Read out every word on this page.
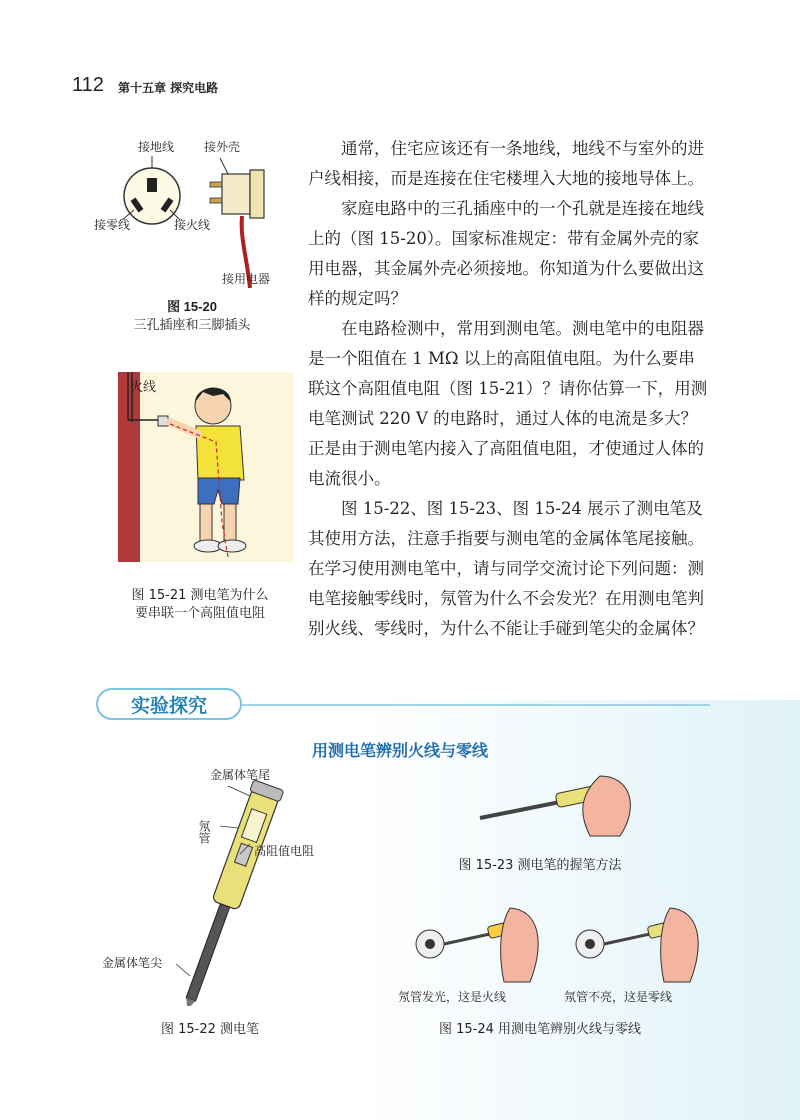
112 第十五章 探究电路
接地线 接外壳
接零线	接火线
接用电器
图 15-20
三孔插座和三脚插头
火线
图 15-21 测电笔为什么
要串联一个高阻值电阻

通常，住宅应该还有一条地线，地线不与室外的进户线相接，而是连接在住宅楼埋入大地的接地导体上。

家庭电路中的三孔插座中的一个孔就是连接在地线上的（图 15-20）。国家标准规定：带有金属外壳的家用电器，其金属外壳必须接地。你知道为什么要做出这样的规定吗？

在电路检测中，常用到测电笔。测电笔中的电阻器是一个阻值在 1 MΩ 以上的高阻值电阻。为什么要串联这个高阻值电阻（图 15-21）？请你估算一下，用测电笔测试 220 V 的电路时，通过人体的电流是多大？正是由于测电笔内接入了高阻值电阻，才使通过人体的电流很小。

图 15-22、图 15-23、图 15-24 展示了测电笔及其使用方法，注意手指要与测电笔的金属体笔尾接触。在学习使用测电笔中，请与同学交流讨论下列问题：测电笔接触零线时，氖管为什么不会发光？在用测电笔判别火线、零线时，为什么不能让手碰到笔尖的金属体？

实验探究
用测电笔辨别火线与零线
金属体笔尾
氖管
高阻值电阻
金属体笔尖
图 15-22 测电笔
图 15-23 测电笔的握笔方法
氖管发光，这是火线	氖管不亮，这是零线
图 15-24 用测电笔辨别火线与零线
